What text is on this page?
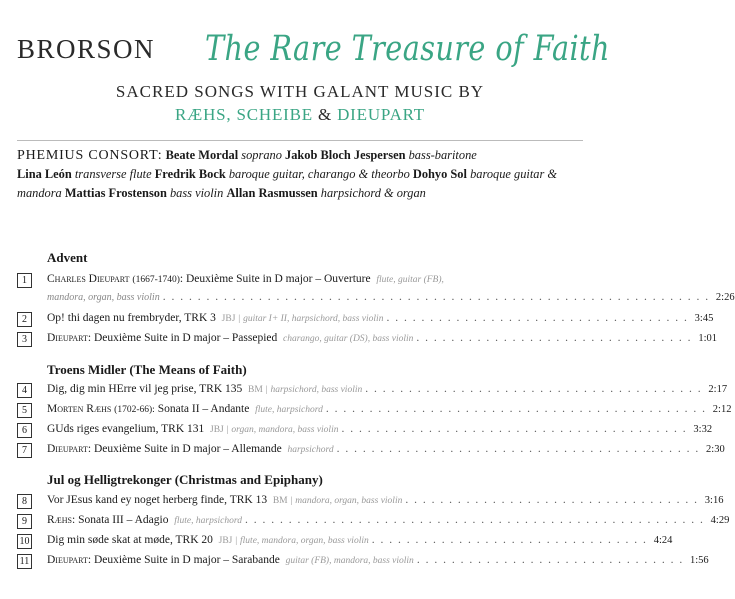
BRORSON The Rare Treasure of Faith
SACRED SONGS WITH GALANT MUSIC BY
RÆHS, SCHEIBE & DIEUPART
PHEMIUS CONSORT: Beate Mordal soprano Jakob Bloch Jespersen bass-baritone
Lina León transverse flute Fredrik Bock baroque guitar, charango & theorbo Dohyo Sol baroque guitar & mandora Mattias Frostenson bass violin Allan Rasmussen harpsichord & organ
Advent
1	Charles Dieupart (1667-1740): Deuxième Suite in D major – Ouverture flute, guitar (FB),
mandora, organ, bass violin . . . . . . . . . . . . . . . . . . . . . . . . . . . . . . . . . . . . . . . . . . . . . . . . . . . . . . . . . . . . . . . 2:26
2	Op! thi dagen nu frembryder, TRK 3 JBJ | guitar I+ II, harpsichord, bass violin . . . . . . . . . . . . . . . . . . . . . . . . . . . . . . . . . . . 3:45
3	Dieupart: Deuxième Suite in D major – Passepied charango, guitar (DS), bass violin . . . . . . . . . . . . . . . . . . . . . . . . . . . . . . . . 1:01
Troens Midler (The Means of Faith)
4	Dig, dig min HErre vil jeg prise, TRK 135 BM | harpsichord, bass violin . . . . . . . . . . . . . . . . . . . . . . . . . . . . . . . . . . . . . . . 2:17
5	Morten Ræhs (1702-66): Sonata II – Andante flute, harpsichord . . . . . . . . . . . . . . . . . . . . . . . . . . . . . . . . . . . . . . . . . . . . 2:12
6	GUds riges evangelium, TRK 131 JBJ | organ, mandora, bass violin . . . . . . . . . . . . . . . . . . . . . . . . . . . . . . . . . . . . . . . . 3:32
7	Dieupart: Deuxième Suite in D major – Allemande harpsichord . . . . . . . . . . . . . . . . . . . . . . . . . . . . . . . . . . . . . . . . . . 2:30
Jul og Helligtrekonger (Christmas and Epiphany)
8	Vor JEsus kand ey noget herberg finde, TRK 13 BM | mandora, organ, bass violin . . . . . . . . . . . . . . . . . . . . . . . . . . . . . . . . . . 3:16
9	Ræhs: Sonata III – Adagio flute, harpsichord . . . . . . . . . . . . . . . . . . . . . . . . . . . . . . . . . . . . . . . . . . . . . . . . . . . . . 4:29
10 Dig min søde skat at møde, TRK 20 JBJ | flute, mandora, organ, bass violin . . . . . . . . . . . . . . . . . . . . . . . . . . . . . . . . 4:24
11 Dieupart: Deuxième Suite in D major – Sarabande guitar (FB), mandora, bass violin . . . . . . . . . . . . . . . . . . . . . . . . . . . . . . . 1:56
